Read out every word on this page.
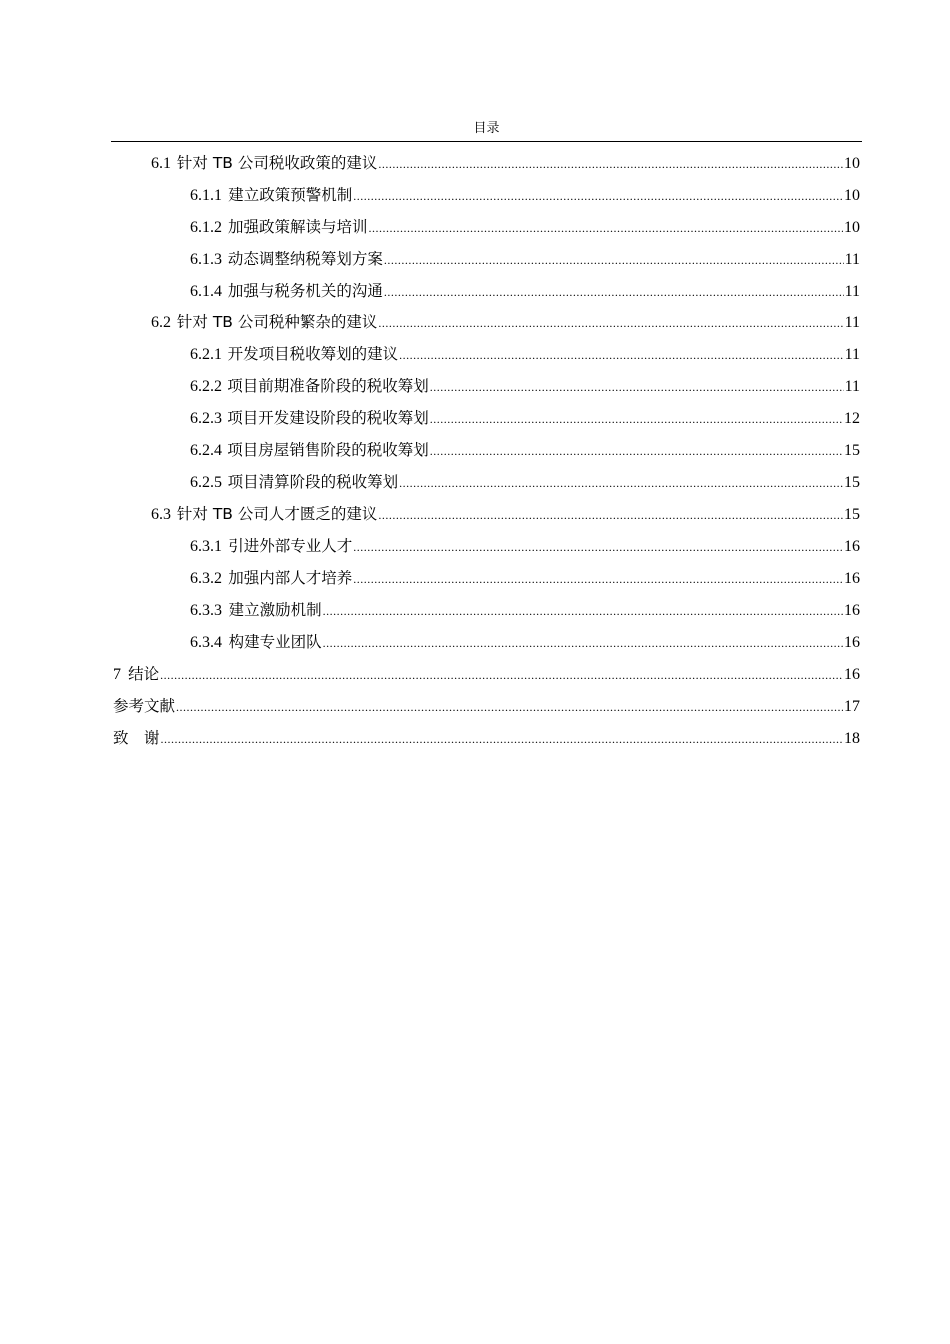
目录
6.1 针对 TB 公司税收政策的建议 .....	10
6.1.1 建立政策预警机制 .....	10
6.1.2 加强政策解读与培训 .....	10
6.1.3 动态调整纳税筹划方案 .....	11
6.1.4 加强与税务机关的沟通 .....	11
6.2 针对 TB 公司税种繁杂的建议 .....	11
6.2.1 开发项目税收筹划的建议 .....	11
6.2.2 项目前期准备阶段的税收筹划 .....	11
6.2.3 项目开发建设阶段的税收筹划 .....	12
6.2.4 项目房屋销售阶段的税收筹划 .....	15
6.2.5 项目清算阶段的税收筹划 .....	15
6.3 针对 TB 公司人才匮乏的建议 .....	15
6.3.1 引进外部专业人才 .....	16
6.3.2 加强内部人才培养 .....	16
6.3.3 建立激励机制 .....	16
6.3.4 构建专业团队 .....	16
7 结论 .....	16
参考文献 .....	17
致　谢 .....	18
